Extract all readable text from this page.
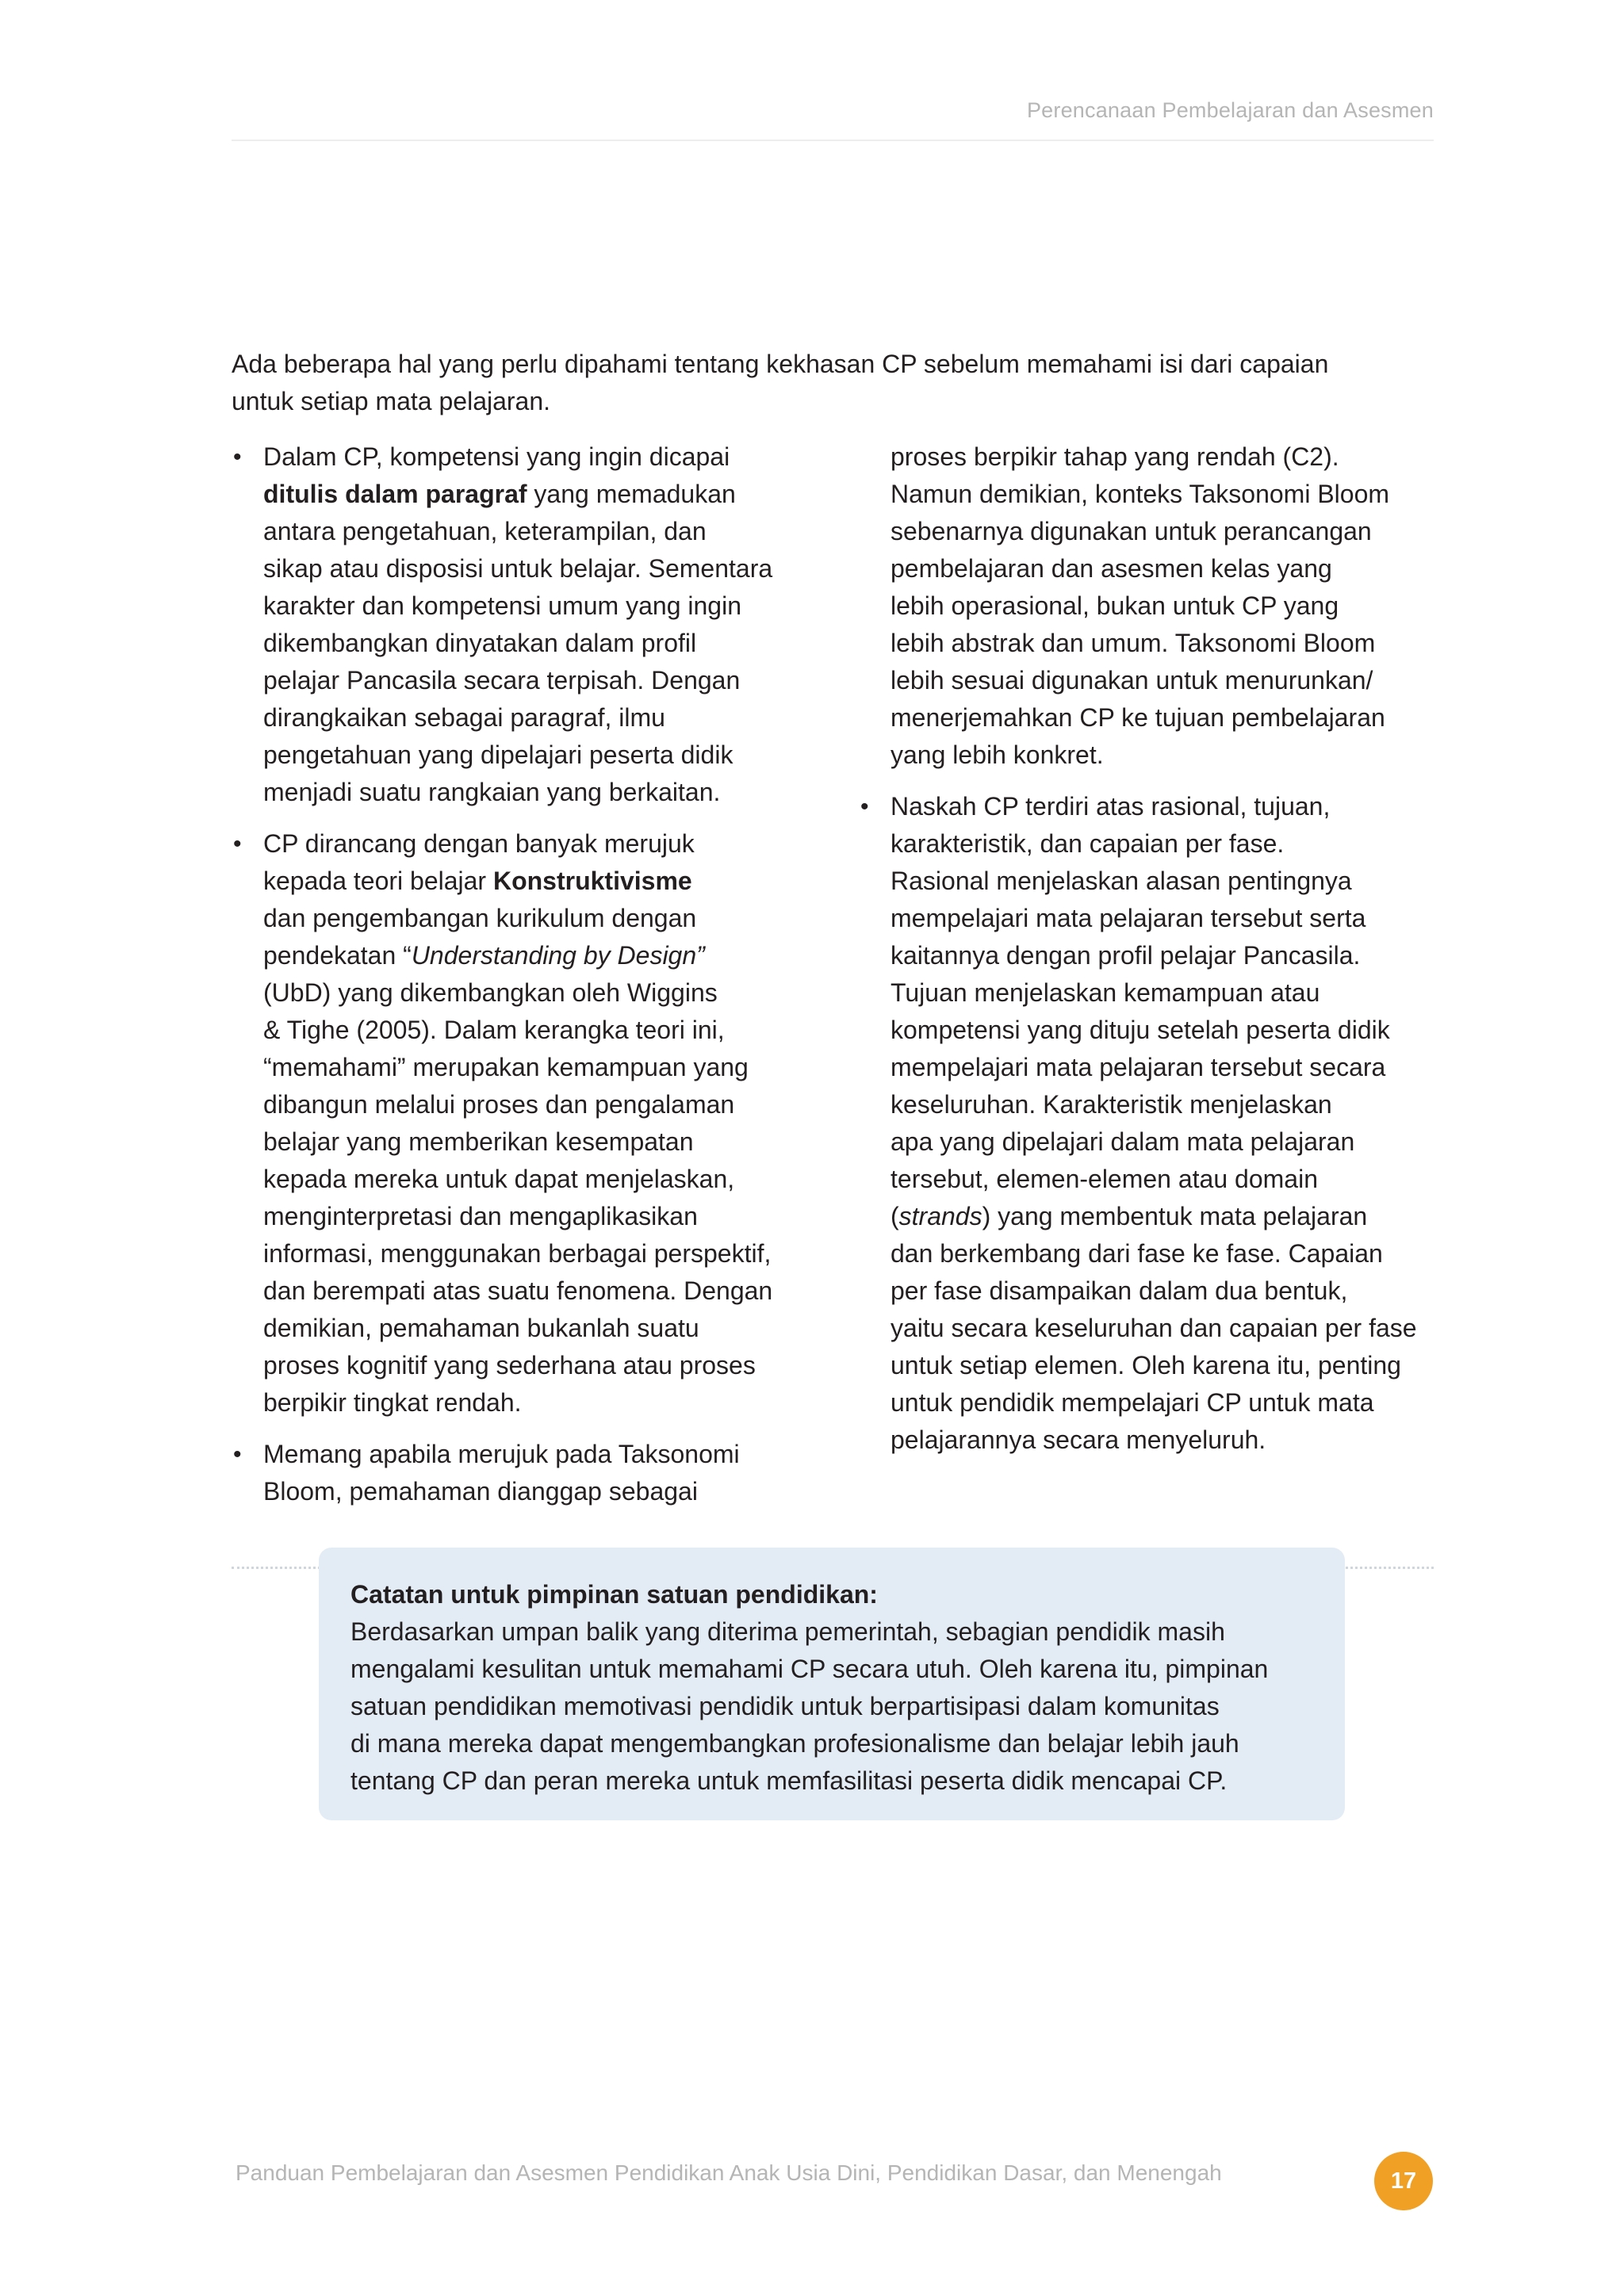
Perencanaan Pembelajaran dan Asesmen
Ada beberapa hal yang perlu dipahami tentang kekhasan CP sebelum memahami isi dari capaian
untuk setiap mata pelajaran.
• Dalam CP, kompetensi yang ingin dicapai
ditulis dalam paragraf yang memadukan
antara pengetahuan, keterampilan, dan
sikap atau disposisi untuk belajar. Sementara
karakter dan kompetensi umum yang ingin
dikembangkan dinyatakan dalam profil
pelajar Pancasila secara terpisah. Dengan
dirangkaikan sebagai paragraf, ilmu
pengetahuan yang dipelajari peserta didik
menjadi suatu rangkaian yang berkaitan.
• CP dirancang dengan banyak merujuk
kepada teori belajar Konstruktivisme
dan pengembangan kurikulum dengan
pendekatan “Understanding by Design”
(UbD) yang dikembangkan oleh Wiggins
& Tighe (2005). Dalam kerangka teori ini,
“memahami” merupakan kemampuan yang
dibangun melalui proses dan pengalaman
belajar yang memberikan kesempatan
kepada mereka untuk dapat menjelaskan,
menginterpretasi dan mengaplikasikan
informasi, menggunakan berbagai perspektif,
dan berempati atas suatu fenomena. Dengan
demikian, pemahaman bukanlah suatu
proses kognitif yang sederhana atau proses
berpikir tingkat rendah.
• Memang apabila merujuk pada Taksonomi
Bloom, pemahaman dianggap sebagai
proses berpikir tahap yang rendah (C2).
Namun demikian, konteks Taksonomi Bloom
sebenarnya digunakan untuk perancangan
pembelajaran dan asesmen kelas yang
lebih operasional, bukan untuk CP yang
lebih abstrak dan umum. Taksonomi Bloom
lebih sesuai digunakan untuk menurunkan/
menerjemahkan CP ke tujuan pembelajaran
yang lebih konkret.
• Naskah CP terdiri atas rasional, tujuan,
karakteristik, dan capaian per fase.
Rasional menjelaskan alasan pentingnya
mempelajari mata pelajaran tersebut serta
kaitannya dengan profil pelajar Pancasila.
Tujuan menjelaskan kemampuan atau
kompetensi yang dituju setelah peserta didik
mempelajari mata pelajaran tersebut secara
keseluruhan. Karakteristik menjelaskan
apa yang dipelajari dalam mata pelajaran
tersebut, elemen-elemen atau domain
(strands) yang membentuk mata pelajaran
dan berkembang dari fase ke fase. Capaian
per fase disampaikan dalam dua bentuk,
yaitu secara keseluruhan dan capaian per fase
untuk setiap elemen. Oleh karena itu, penting
untuk pendidik mempelajari CP untuk mata
pelajarannya secara menyeluruh.
Catatan untuk pimpinan satuan pendidikan:
Berdasarkan umpan balik yang diterima pemerintah, sebagian pendidik masih
mengalami kesulitan untuk memahami CP secara utuh. Oleh karena itu, pimpinan
satuan pendidikan memotivasi pendidik untuk berpartisipasi dalam komunitas
di mana mereka dapat mengembangkan profesionalisme dan belajar lebih jauh
tentang CP dan peran mereka untuk memfasilitasi peserta didik mencapai CP.
Panduan Pembelajaran dan Asesmen Pendidikan Anak Usia Dini, Pendidikan Dasar, dan Menengah	17
